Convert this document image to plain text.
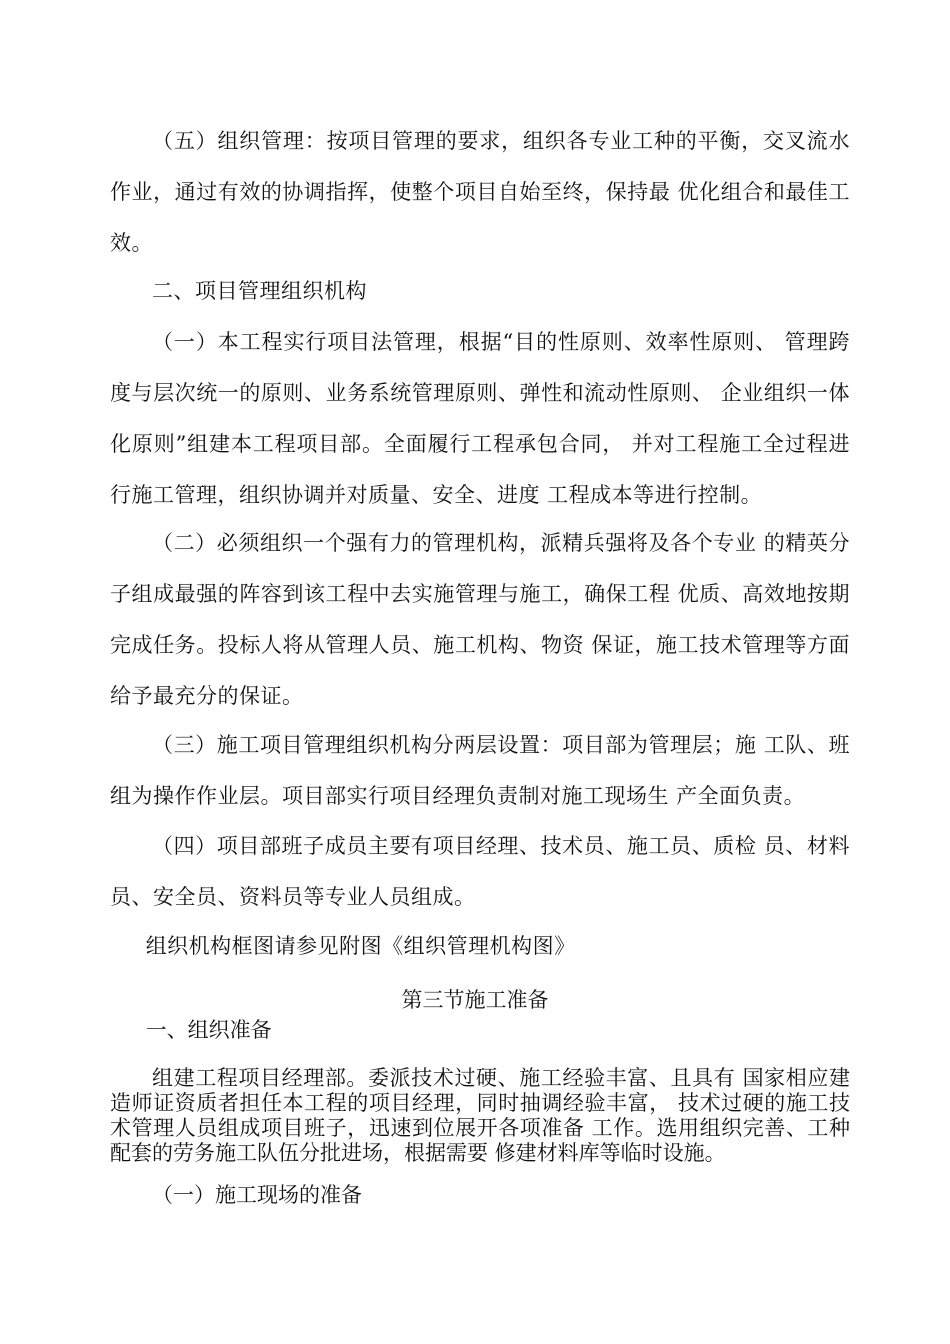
（五）组织管理：按项目管理的要求，组织各专业工种的平衡，交叉流水作业，通过有效的协调指挥，使整个项目自始至终，保持最 优化组合和最佳工效。

二、项目管理组织机构

（一）本工程实行项目法管理，根据“目的性原则、效率性原则、 管理跨度与层次统一的原则、业务系统管理原则、弹性和流动性原则、 企业组织一体化原则”组建本工程项目部。全面履行工程承包合同， 并对工程施工全过程进行施工管理，组织协调并对质量、安全、进度 工程成本等进行控制。

（二）必须组织一个强有力的管理机构，派精兵强将及各个专业 的精英分子组成最强的阵容到该工程中去实施管理与施工，确保工程 优质、高效地按期完成任务。投标人将从管理人员、施工机构、物资 保证，施工技术管理等方面给予最充分的保证。

（三）施工项目管理组织机构分两层设置：项目部为管理层；施 工队、班组为操作作业层。项目部实行项目经理负责制对施工现场生 产全面负责。

（四）项目部班子成员主要有项目经理、技术员、施工员、质检 员、材料员、安全员、资料员等专业人员组成。

组织机构框图请参见附图《组织管理机构图》

第三节施工准备

一、组织准备

组建工程项目经理部。委派技术过硬、施工经验丰富、且具有 国家相应建造师证资质者担任本工程的项目经理，同时抽调经验丰富， 技术过硬的施工技术管理人员组成项目班子，迅速到位展开各项准备 工作。选用组织完善、工种配套的劳务施工队伍分批进场，根据需要 修建材料库等临时设施。

（一）施工现场的准备
